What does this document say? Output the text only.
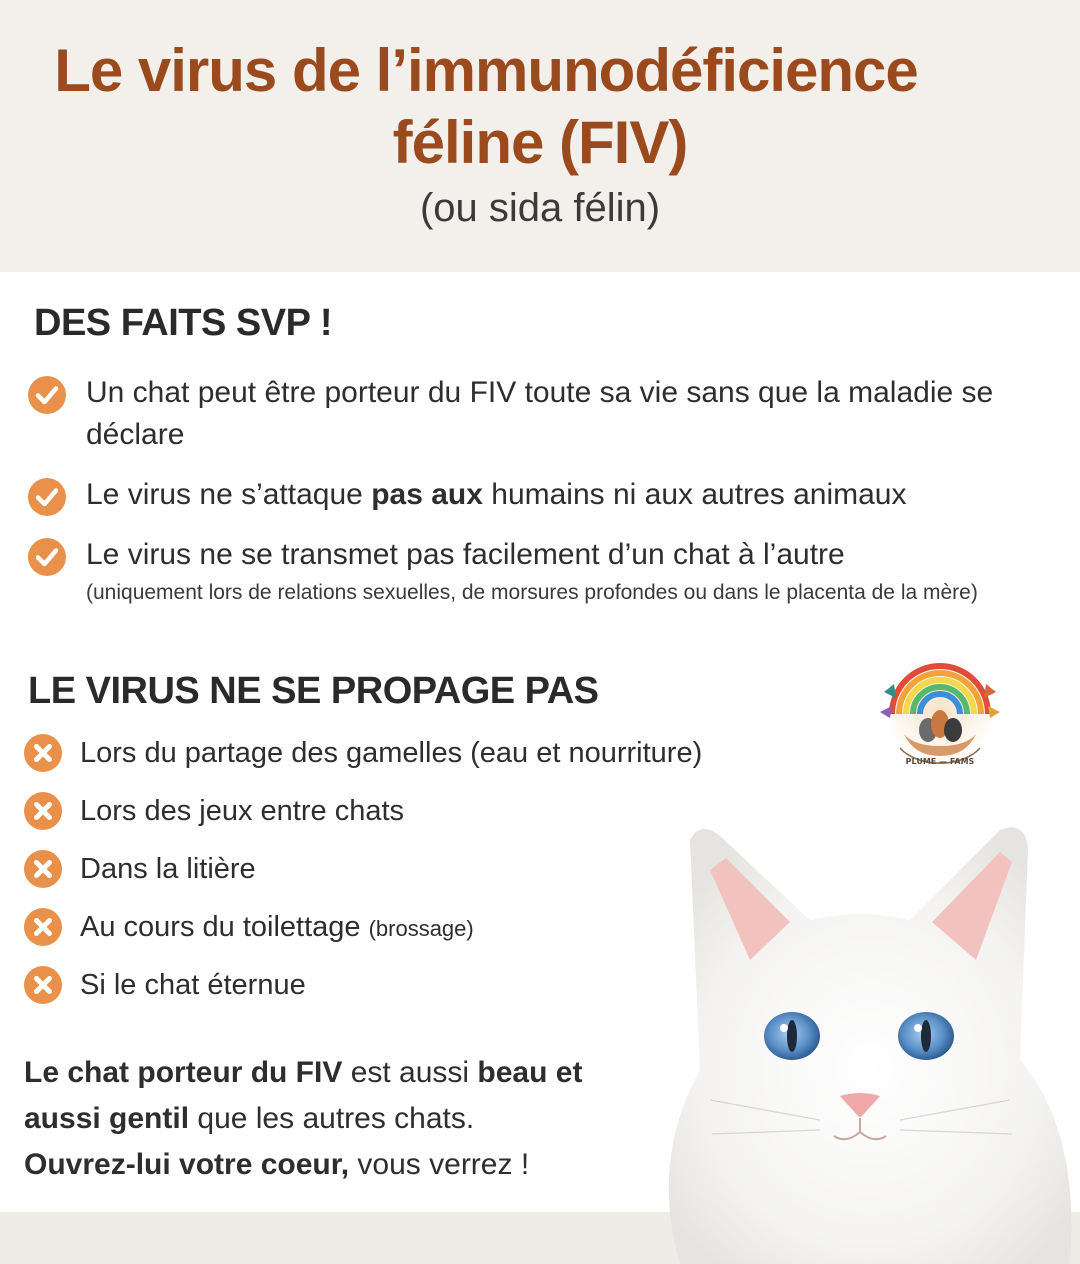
Le virus de l’immunodéficience
féline (FIV)
(ou sida félin)
DES FAITS SVP !
Un chat peut être porteur du FIV toute sa vie sans que la maladie se déclare
Le virus ne s’attaque pas aux humains ni aux autres animaux
Le virus ne se transmet pas facilement d’un chat à l’autre
(uniquement lors de relations sexuelles, de morsures profondes ou dans le placenta de la mère)
LE VIRUS NE SE PROPAGE PAS
Lors du partage des gamelles (eau et nourriture)
Lors des jeux entre chats
Dans la litière
Au cours du toilettage (brossage)
Si le chat éternue
Le chat porteur du FIV est aussi beau et aussi gentil que les autres chats.
Ouvrez-lui votre coeur, vous verrez !
PLUME — FAMS
